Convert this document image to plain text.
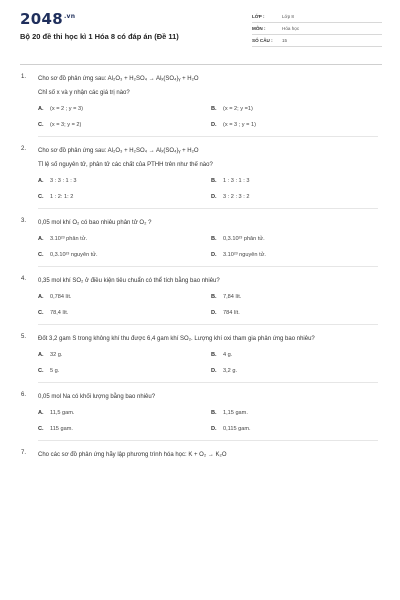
$2048^{.vn}$
Bộ 20 đề thi học kì 1 Hóa 8 có đáp án (Đề 11)
LỚP :	Lớp 8
MÔN :	Hóa học
SỐ CÂU :	15
1. Cho sơ đồ phản ứng sau: Al₂O₃ + H₂SO₄ → Alₓ(SO₄)ᵧ + H₂O
Chỉ số x và y nhận các giá trị nào?
A.	(x = 2 ; y = 3)	B.	(x = 2; y =1)
C.	(x = 3; y = 2)	D.	(x = 3 ; y = 1)
2. Cho sơ đồ phản ứng sau: Al₂O₃ + H₂SO₄ → Alₓ(SO₄)ᵧ + H₂O
Tỉ lệ số nguyên tử, phân tử các chất của PTHH trên như thế nào?
A.	3 : 3 : 1 : 3	B.	1 : 3 : 1 : 3
C.	1 : 2: 1: 2	D.	3 : 2 : 3 : 2
3. 0,05 mol khí O₂ có bao nhiêu phân tử O₂ ?
A.	3.10²³ phân tử.	B.	0,3.10²³ phân tử.
C.	0,3.10²³ nguyên tử.	D.	3.10²³ nguyên tử.
4. 0,35 mol khí SO₂ ở điều kiện tiêu chuẩn có thể tích bằng bao nhiêu?
A.	0,784 lít.	B.	7,84 lít.
C.	78,4 lít.	D.	784 lít.
5. Đốt 3,2 gam S trong không khí thu được 6,4 gam khí SO₂. Lượng khí oxi tham gia phản ứng bao nhiêu?
A.	32 g.	B.	4 g.
C.	5 g.	D.	3,2 g.
6. 0,05 mol Na có khối lượng bằng bao nhiêu?
A.	11,5 gam.	B.	1,15 gam.
C.	115 gam.	D.	0,115 gam.
7. Cho các sơ đồ phản ứng hãy lập phương trình hóa học: K + O₂ → K₂O
